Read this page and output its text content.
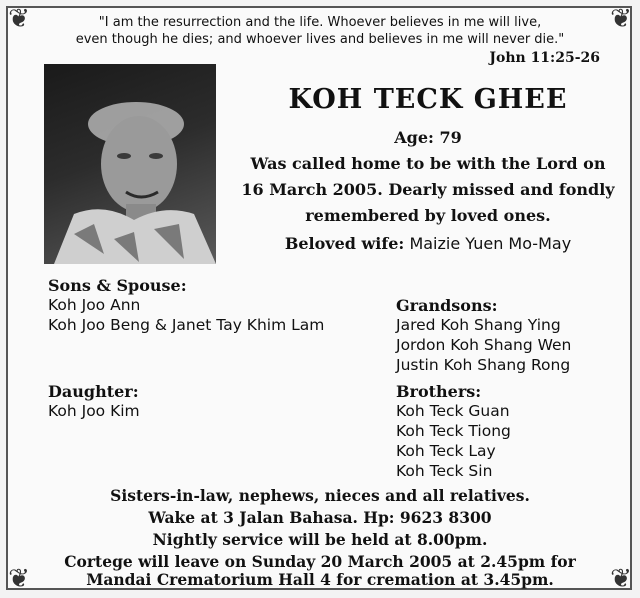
❦	❦
❦	❦
"I am the resurrection and the life. Whoever believes in me will live,
even though he dies; and whoever lives and believes in me will never die."
John 11:25-26
KOH TECK GHEE
Age: 79
Was called home to be with the Lord on
16 March 2005. Dearly missed and fondly
remembered by loved ones.
Beloved wife: Maizie Yuen Mo-May
Sons & Spouse:
Koh Joo Ann
Koh Joo Beng & Janet Tay Khim Lam
Grandsons:
Jared Koh Shang Ying
Jordon Koh Shang Wen
Justin Koh Shang Rong
Daughter:
Koh Joo Kim
Brothers:
Koh Teck Guan
Koh Teck Tiong
Koh Teck Lay
Koh Teck Sin
Sisters-in-law, nephews, nieces and all relatives.
Wake at 3 Jalan Bahasa. Hp: 9623 8300
Nightly service will be held at 8.00pm.
Cortege will leave on Sunday 20 March 2005 at 2.45pm for
Mandai Crematorium Hall 4 for cremation at 3.45pm.
